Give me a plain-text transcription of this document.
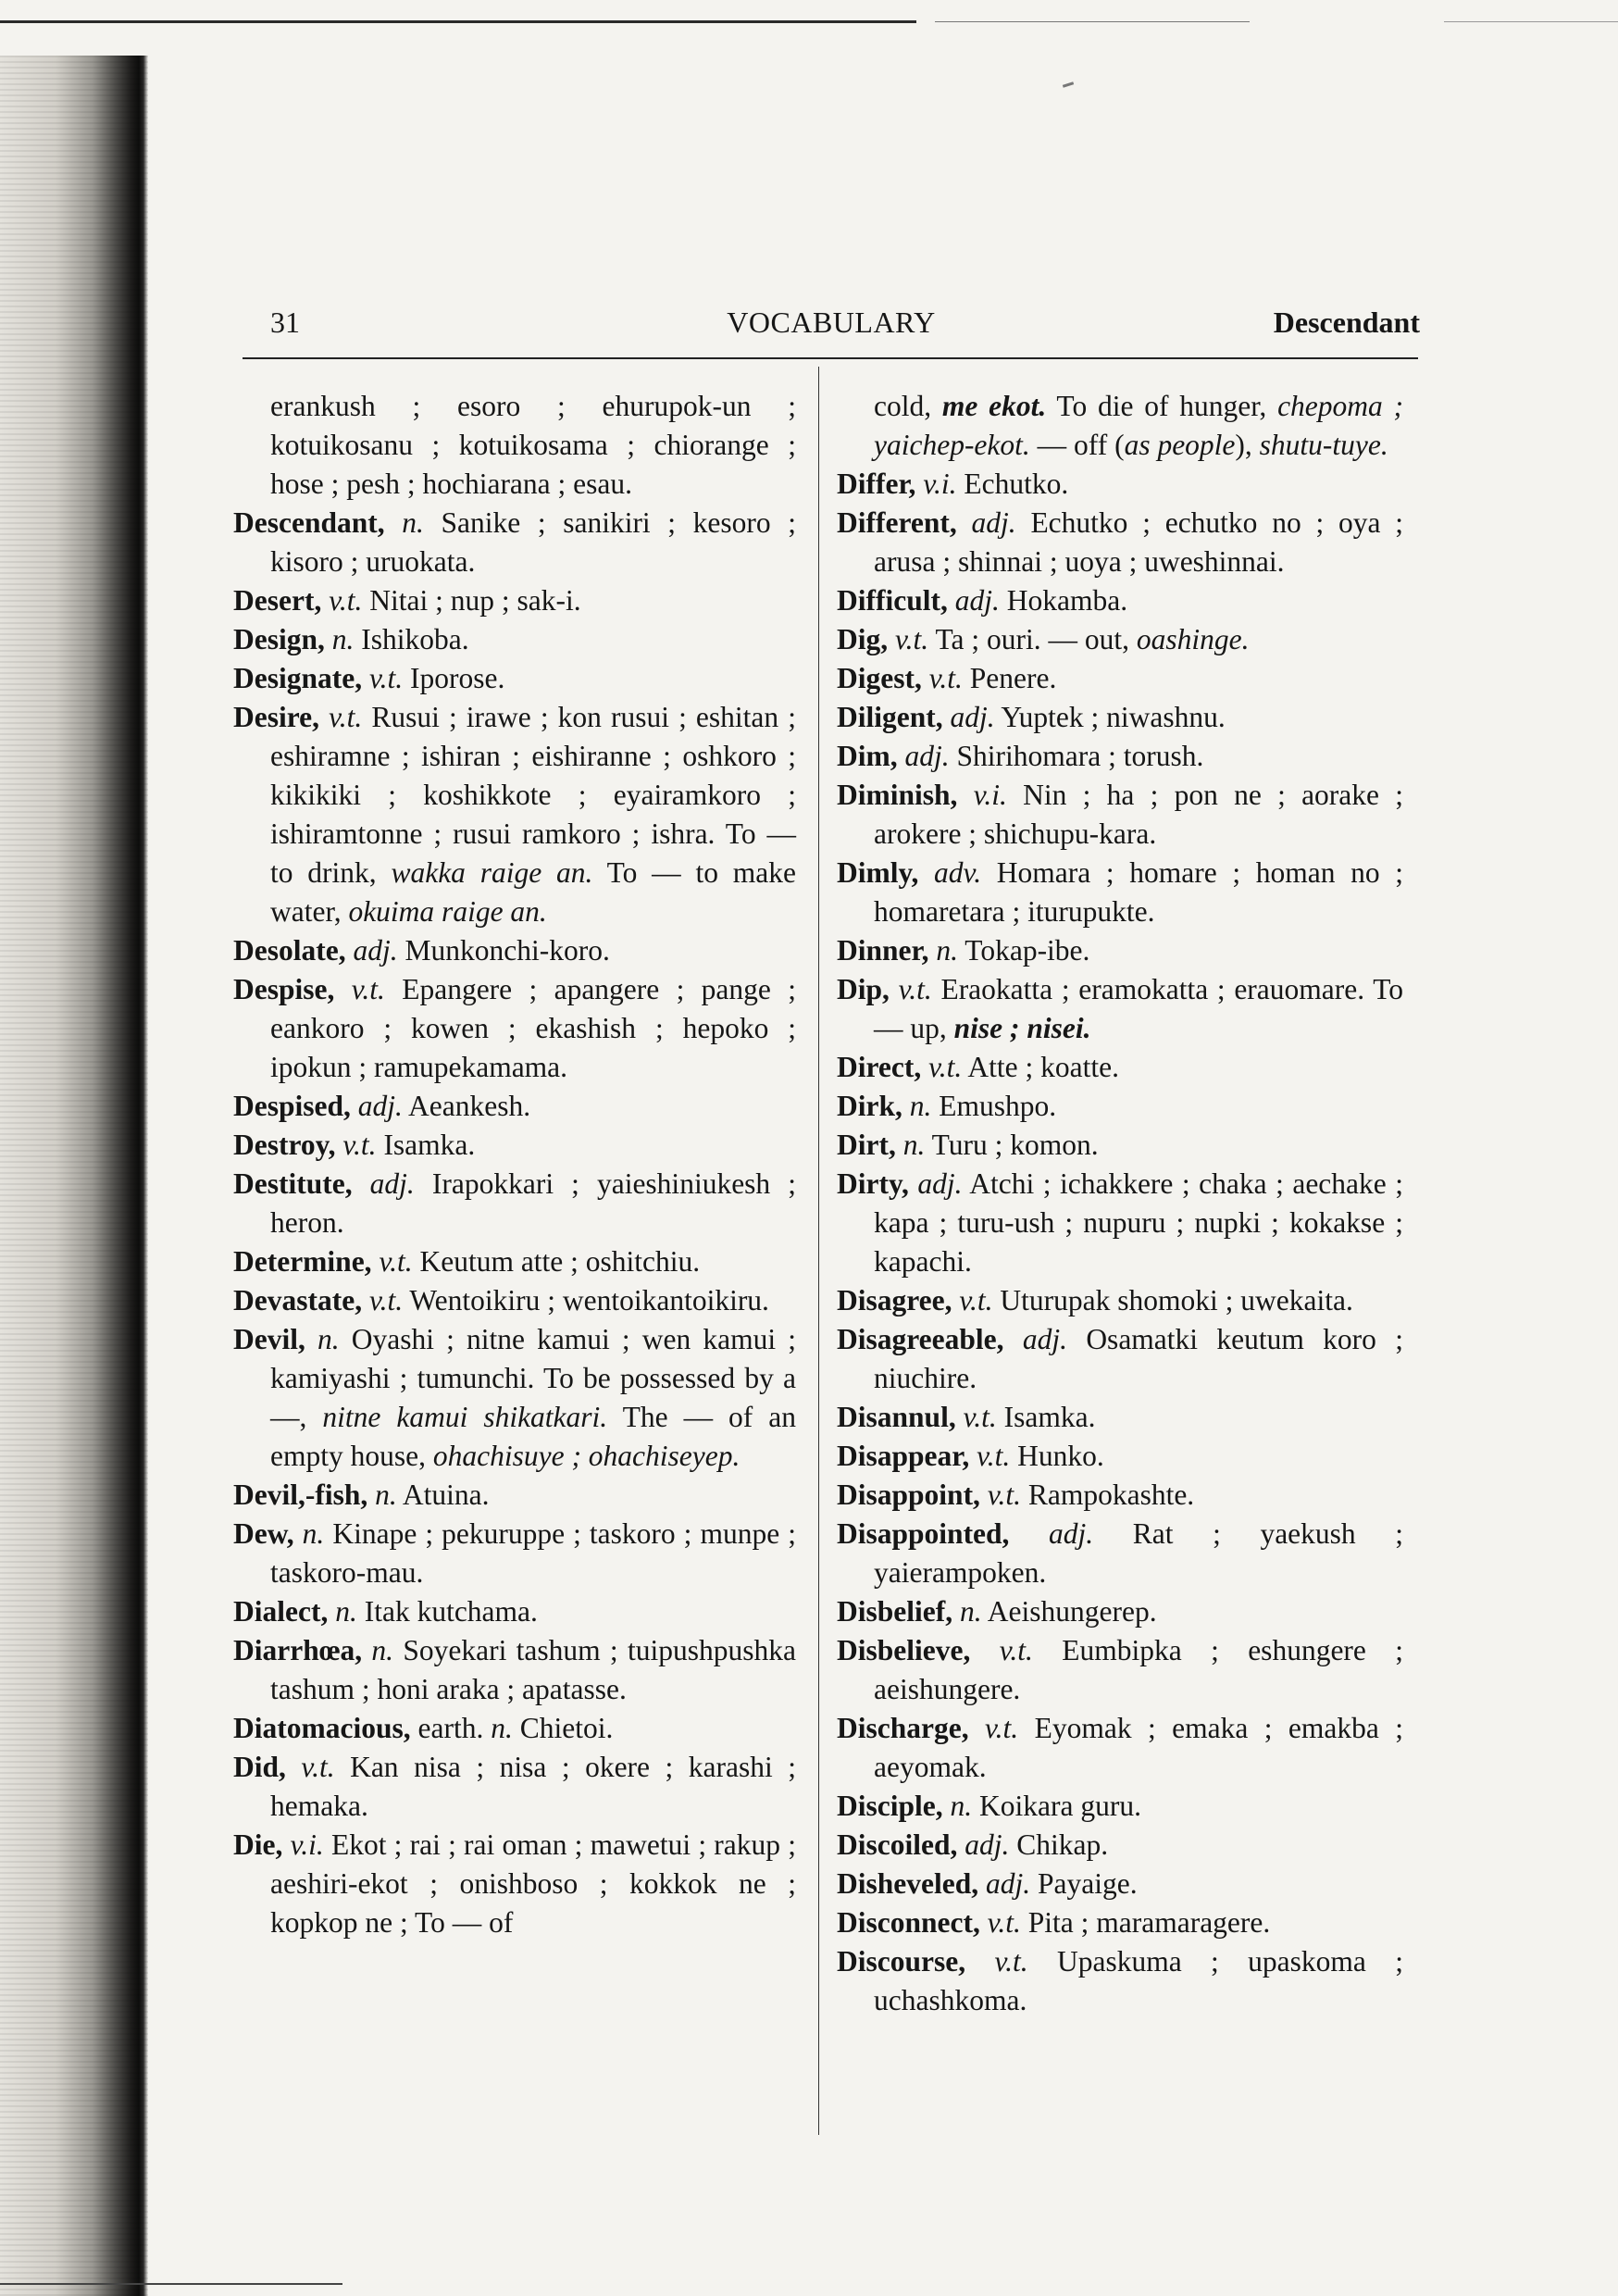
31	VOCABULARY	Descendant
erankush ; esoro ; ehurupok-un ; kotuikosanu ; kotuikosama ; chiorange ; hose ; pesh ; hochiarana ; esau.
Descendant, n. Sanike ; sanikiri ; kesoro ; kisoro ; uruokata.
Desert, v.t. Nitai ; nup ; sak-i.
Design, n. Ishikoba.
Designate, v.t. Iporose.
Desire, v.t. Rusui ; irawe ; kon rusui ; eshitan ; eshiramne ; ishiran ; eishiranne ; oshkoro ; kikikiki ; koshikkote ; eyairamkoro ; ishiramtonne ; rusui ramkoro ; ishra. To — to drink, wakka raige an. To — to make water, okuima raige an.
Desolate, adj. Munkonchi-koro.
Despise, v.t. Epangere ; apangere ; pange ; eankoro ; kowen ; ekashish ; hepoko ; ipokun ; ramupekamama.
Despised, adj. Aeankesh.
Destroy, v.t. Isamka.
Destitute, adj. Irapokkari ; yaieshiniukesh ; heron.
Determine, v.t. Keutum atte ; oshitchiu.
Devastate, v.t. Wentoikiru ; wentoikantoikiru.
Devil, n. Oyashi ; nitne kamui ; wen kamui ; kamiyashi ; tumunchi. To be possessed by a —, nitne kamui shikatkari. The — of an empty house, ohachisuye ; ohachiseyep.
Devil,-fish, n. Atuina.
Dew, n. Kinape ; pekuruppe ; taskoro ; munpe ; taskoro-mau.
Dialect, n. Itak kutchama.
Diarrhœa, n. Soyekari tashum ; tuipushpushka tashum ; honi araka ; apatasse.
Diatomacious, earth. n. Chietoi.
Did, v.t. Kan nisa ; nisa ; okere ; karashi ; hemaka.
Die, v.i. Ekot ; rai ; rai oman ; mawetui ; rakup ; aeshiri-ekot ; onishboso ; kokkok ne ; kopkop ne ; To — of
cold, me ekot. To die of hunger, chepoma ; yaichep-ekot. — off (as people), shutu-tuye.
Differ, v.i. Echutko.
Different, adj. Echutko ; echutko no ; oya ; arusa ; shinnai ; uoya ; uweshinnai.
Difficult, adj. Hokamba.
Dig, v.t. Ta ; ouri. — out, oashinge.
Digest, v.t. Penere.
Diligent, adj. Yuptek ; niwashnu.
Dim, adj. Shirihomara ; torush.
Diminish, v.i. Nin ; ha ; pon ne ; aorake ; arokere ; shichupu-kara.
Dimly, adv. Homara ; homare ; homan no ; homaretara ; iturupukte.
Dinner, n. Tokap-ibe.
Dip, v.t. Eraokatta ; eramokatta ; erauomare. To — up, nise ; nisei.
Direct, v.t. Atte ; koatte.
Dirk, n. Emushpo.
Dirt, n. Turu ; komon.
Dirty, adj. Atchi ; ichakkere ; chaka ; aechake ; kapa ; turu-ush ; nupuru ; nupki ; kokakse ; kapachi.
Disagree, v.t. Uturupak shomoki ; uwekaita.
Disagreeable, adj. Osamatki keutum koro ; niuchire.
Disannul, v.t. Isamka.
Disappear, v.t. Hunko.
Disappoint, v.t. Rampokashte.
Disappointed, adj. Rat ; yaekush ; yaierampoken.
Disbelief, n. Aeishungerep.
Disbelieve, v.t. Eumbipka ; eshungere ; aeishungere.
Discharge, v.t. Eyomak ; emaka ; emakba ; aeyomak.
Disciple, n. Koikara guru.
Discoiled, adj. Chikap.
Disheveled, adj. Payaige.
Disconnect, v.t. Pita ; maramaragere.
Discourse, v.t. Upaskuma ; upaskoma ; uchashkoma.
